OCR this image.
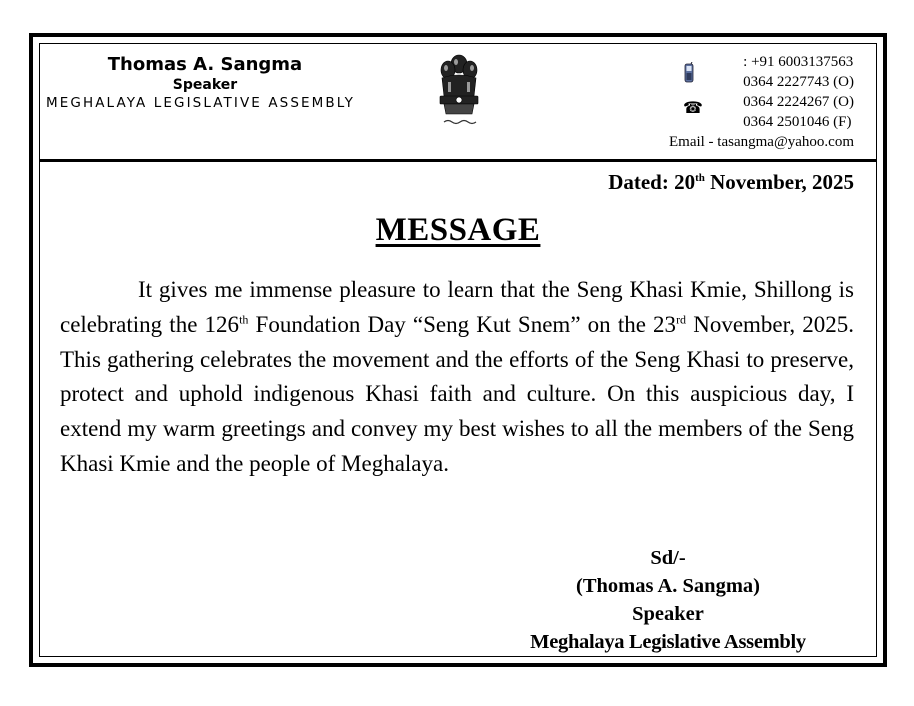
Thomas A. Sangma
Speaker
MEGHALAYA LEGISLATIVE ASSEMBLY	☎
: +91 6003137563
0364 2227743 (O)
0364 2224267 (O)
0364 2501046 (F)
Email - tasangma@yahoo.com
Dated: 20th November, 2025
MESSAGE

It gives me immense pleasure to learn that the Seng Khasi Kmie, Shillong is celebrating the 126th Foundation Day “Seng Kut Snem” on the 23rd November, 2025. This gathering celebrates the movement and the efforts of the Seng Khasi to preserve, protect and uphold indigenous Khasi faith and culture. On this auspicious day, I extend my warm greetings and convey my best wishes to all the members of the Seng Khasi Kmie and the people of Meghalaya.

Sd/-
(Thomas A. Sangma)
Speaker
Meghalaya Legislative Assembly
